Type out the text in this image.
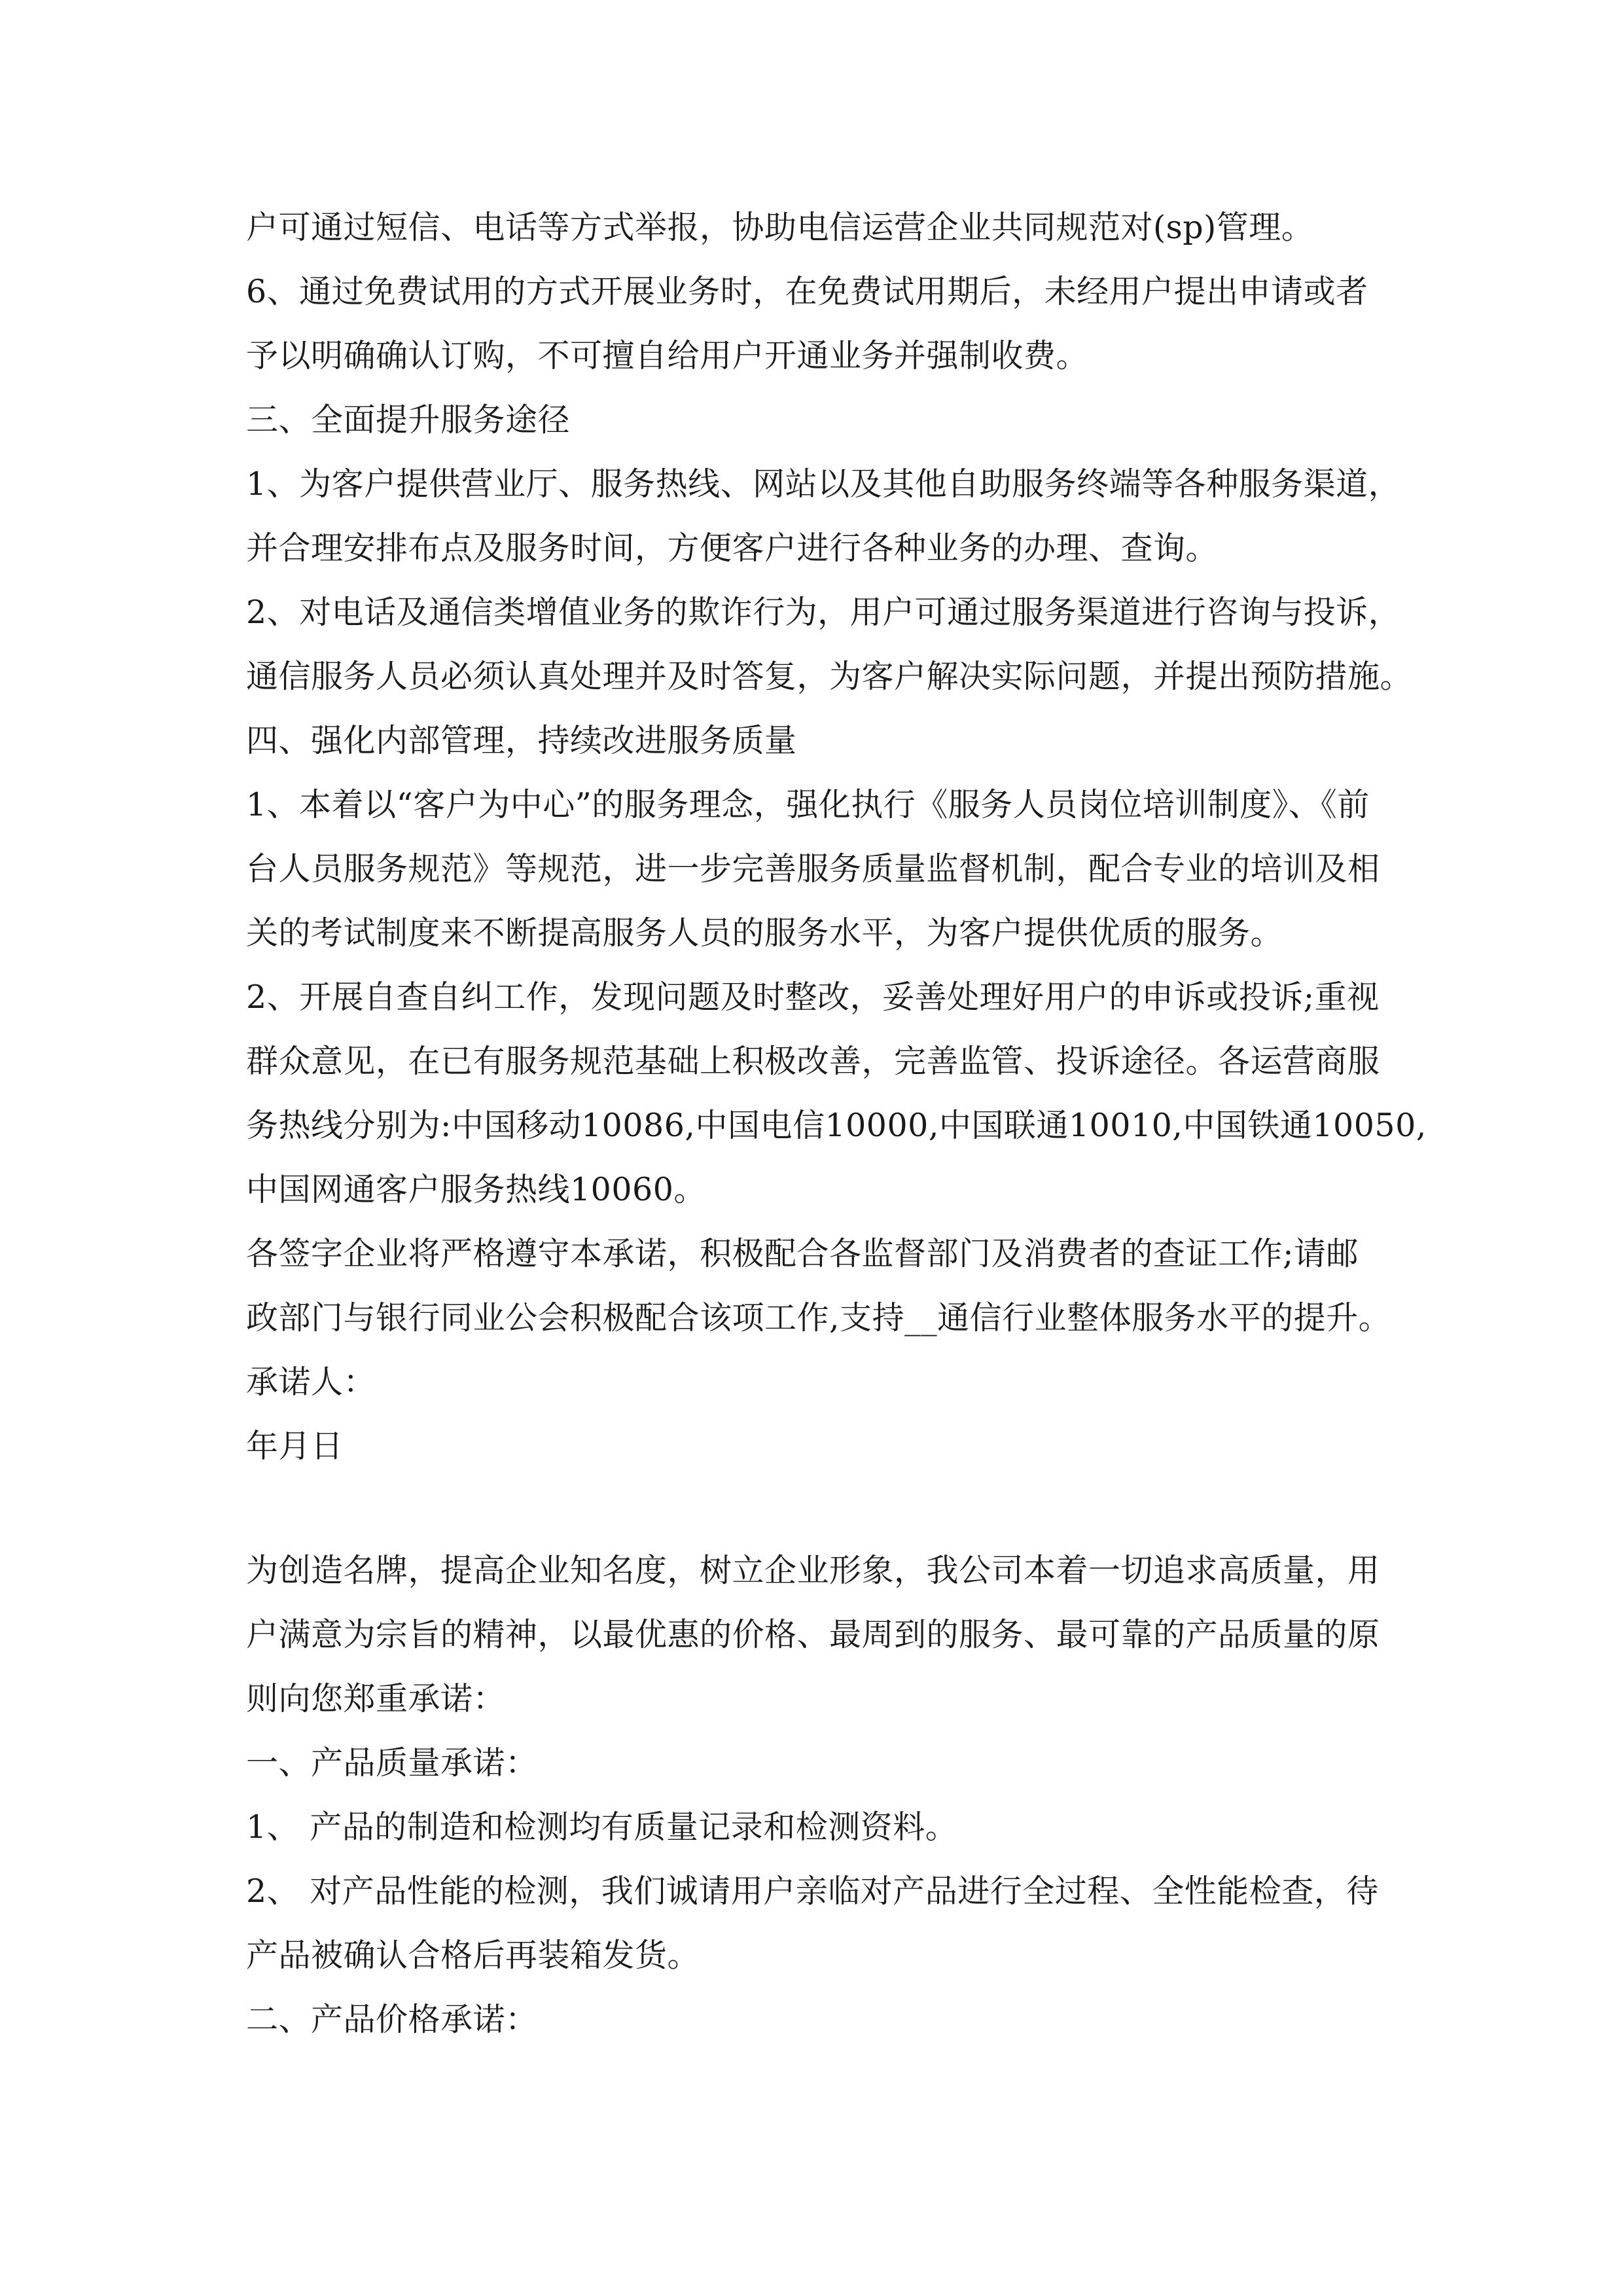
户可通过短信、电话等方式举报，协助电信运营企业共同规范对(sp)管理。
6、通过免费试用的方式开展业务时，在免费试用期后，未经用户提出申请或者
予以明确确认订购，不可擅自给用户开通业务并强制收费。
三、全面提升服务途径
1、为客户提供营业厅、服务热线、网站以及其他自助服务终端等各种服务渠道，
并合理安排布点及服务时间，方便客户进行各种业务的办理、查询。
2、对电话及通信类增值业务的欺诈行为，用户可通过服务渠道进行咨询与投诉，
通信服务人员必须认真处理并及时答复，为客户解决实际问题，并提出预防措施。
四、强化内部管理，持续改进服务质量
1、本着以“客户为中心”的服务理念，强化执行《服务人员岗位培训制度》、《前
台人员服务规范》等规范，进一步完善服务质量监督机制，配合专业的培训及相
关的考试制度来不断提高服务人员的服务水平，为客户提供优质的服务。
2、开展自查自纠工作，发现问题及时整改，妥善处理好用户的申诉或投诉;重视
群众意见，在已有服务规范基础上积极改善，完善监管、投诉途径。各运营商服
务热线分别为:中国移动10086,中国电信10000,中国联通10010,中国铁通10050,
中国网通客户服务热线10060。
各签字企业将严格遵守本承诺，积极配合各监督部门及消费者的查证工作;请邮
政部门与银行同业公会积极配合该项工作,支持__通信行业整体服务水平的提升。
承诺人：
年月日
为创造名牌，提高企业知名度，树立企业形象，我公司本着一切追求高质量，用
户满意为宗旨的精神，以最优惠的价格、最周到的服务、最可靠的产品质量的原
则向您郑重承诺：
一、产品质量承诺：
1、 产品的制造和检测均有质量记录和检测资料。
2、 对产品性能的检测，我们诚请用户亲临对产品进行全过程、全性能检查，待
产品被确认合格后再装箱发货。
二、产品价格承诺：
